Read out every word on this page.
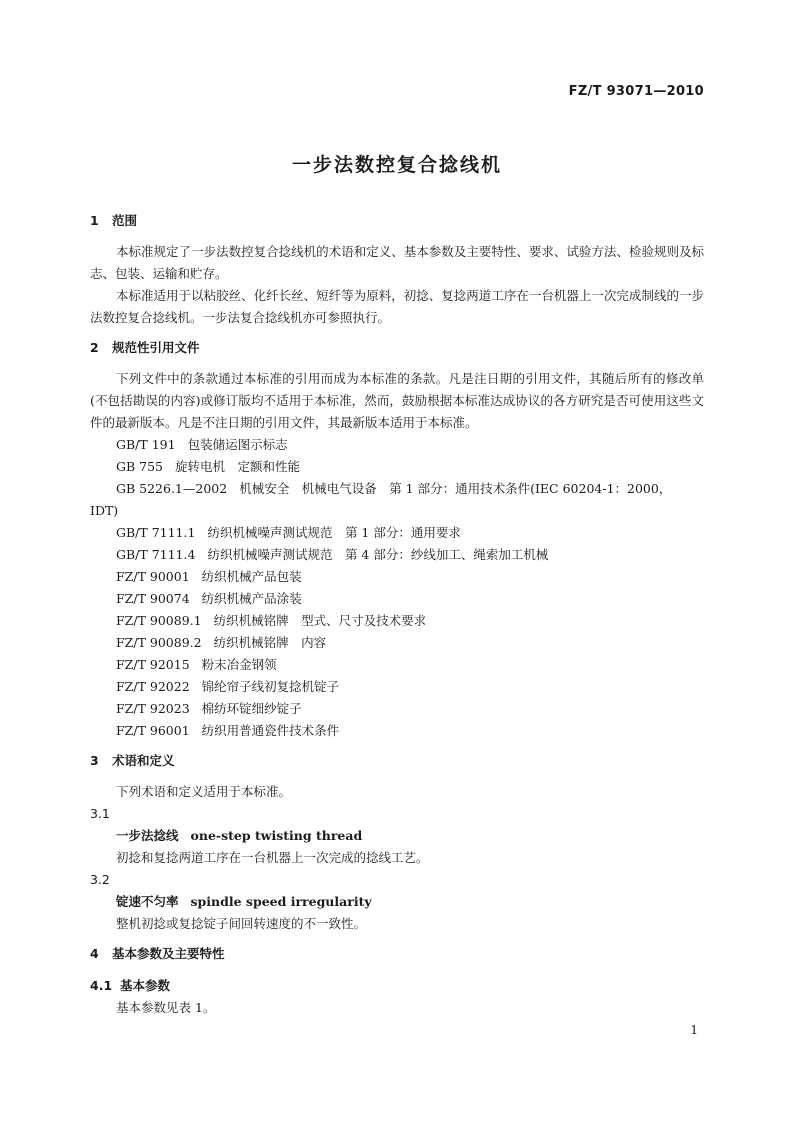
FZ/T 93071—2010
一步法数控复合捻线机
1 范围

本标准规定了一步法数控复合捻线机的术语和定义、基本参数及主要特性、要求、试验方法、检验规则及标志、包装、运输和贮存。

本标准适用于以粘胶丝、化纤长丝、短纤等为原料，初捻、复捻两道工序在一台机器上一次完成制线的一步法数控复合捻线机。一步法复合捻线机亦可参照执行。

2 规范性引用文件

下列文件中的条款通过本标准的引用而成为本标准的条款。凡是注日期的引用文件，其随后所有的修改单(不包括勘误的内容)或修订版均不适用于本标准，然而，鼓励根据本标准达成协议的各方研究是否可使用这些文件的最新版本。凡是不注日期的引用文件，其最新版本适用于本标准。

GB/T 191 包装储运图示标志

GB 755 旋转电机　定额和性能

GB 5226.1—2002 机械安全　机械电气设备　第 1 部分：通用技术条件(IEC 60204-1：2000，

IDT)

GB/T 7111.1 纺织机械噪声测试规范　第 1 部分：通用要求

GB/T 7111.4 纺织机械噪声测试规范　第 4 部分：纱线加工、绳索加工机械

FZ/T 90001 纺织机械产品包装

FZ/T 90074 纺织机械产品涂装

FZ/T 90089.1 纺织机械铭牌　型式、尺寸及技术要求

FZ/T 90089.2 纺织机械铭牌　内容

FZ/T 92015 粉末冶金钢领

FZ/T 92022 锦纶帘子线初复捻机锭子

FZ/T 92023 棉纺环锭细纱锭子

FZ/T 96001 纺织用普通瓷件技术条件

3 术语和定义

下列术语和定义适用于本标准。

3.1

一步法捻线 one-step twisting thread

初捻和复捻两道工序在一台机器上一次完成的捻线工艺。

3.2

锭速不匀率 spindle speed irregularity

整机初捻或复捻锭子间回转速度的不一致性。

4 基本参数及主要特性
4.1 基本参数

基本参数见表 1。

1
